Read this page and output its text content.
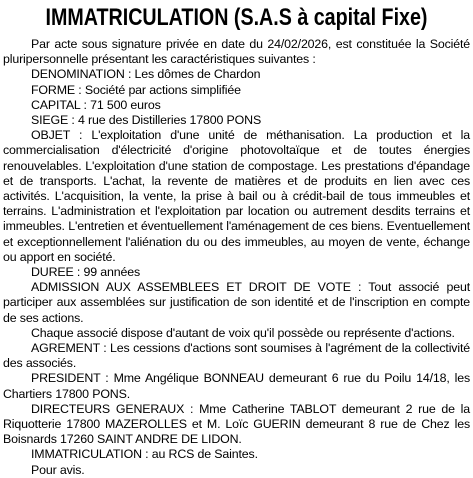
IMMATRICULATION (S.A.S à capital Fixe)

Par acte sous signature privée en date du 24/02/2026, est constituée la Société pluripersonnelle présentant les caractéristiques suivantes :

DENOMINATION : Les dômes de Chardon

FORME : Société par actions simplifiée

CAPITAL : 71 500 euros

SIEGE : 4 rue des Distilleries 17800 PONS

OBJET : L'exploitation d'une unité de méthanisation. La production et la commercialisation d'électricité d'origine photovoltaïque et de toutes énergies renouvelables. L'exploitation d'une station de compostage. Les prestations d'épandage et de transports. L'achat, la revente de matières et de produits en lien avec ces activités. L'acquisition, la vente, la prise à bail ou à crédit-bail de tous immeubles et terrains. L'administration et l'exploitation par location ou autrement desdits terrains et immeubles. L'entretien et éventuellement l'aménagement de ces biens. Eventuellement et exceptionnellement l'aliénation du ou des immeubles, au moyen de vente, échange ou apport en société.

DUREE : 99 années

ADMISSION AUX ASSEMBLEES ET DROIT DE VOTE : Tout associé peut participer aux assemblées sur justification de son identité et de l'inscription en compte de ses actions.

Chaque associé dispose d'autant de voix qu'il possède ou représente d'actions.

AGREMENT : Les cessions d'actions sont soumises à l'agrément de la collectivité des associés.

PRESIDENT : Mme Angélique BONNEAU demeurant 6 rue du Poilu 14/18, les Chartiers 17800 PONS.

DIRECTEURS GENERAUX : Mme Catherine TABLOT demeurant 2 rue de la Riquotterie 17800 MAZEROLLES et M. Loïc GUERIN demeurant 8 rue de Chez les Boisnards 17260 SAINT ANDRE DE LIDON.

IMMATRICULATION : au RCS de Saintes.

Pour avis.
